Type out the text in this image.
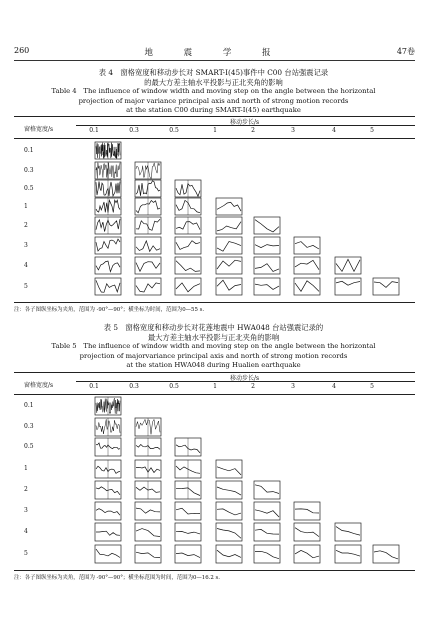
260	地 震 学 报	47卷
表 4　窗格宽度和移动步长对 SMART-Ⅰ(45)事件中 C00 台站强震记录
的最大方差主轴水平投影与正北夹角的影响
Table 4　The influence of window width and moving step on the angle between the horizontal
projection of major variance principal axis and north of strong motion records
at the station C00 during SMART-Ⅰ(45) earthquake
窗格宽度/s
移动步长/s
0.1	0.3	0.5	1	2	3	4	5
0.1
0.3
0.5
1
2
3
4
5
注：各子图纵坐标为夹角，范围为 -90°—90°；横坐标为时间，范围为0—55 s.
表 5　窗格宽度和移动步长对花莲地震中 HWA048 台站强震记录的
最大方差主轴水平投影与正北夹角的影响
Table 5　The influence of window width and moving step on the angle between the horizontal
projection of majorvariance principal axis and north of strong motion records
at the station HWA048 during Hualien earthquake
窗格宽度/s
移动步长/s
0.1	0.3	0.5	1	2	3	4	5
0.1
0.3
0.5
1
2
3
4
5
注：各子图纵坐标为夹角，范围为 -90°—90°；横坐标范围为时间，范围为0—16.2 s.
